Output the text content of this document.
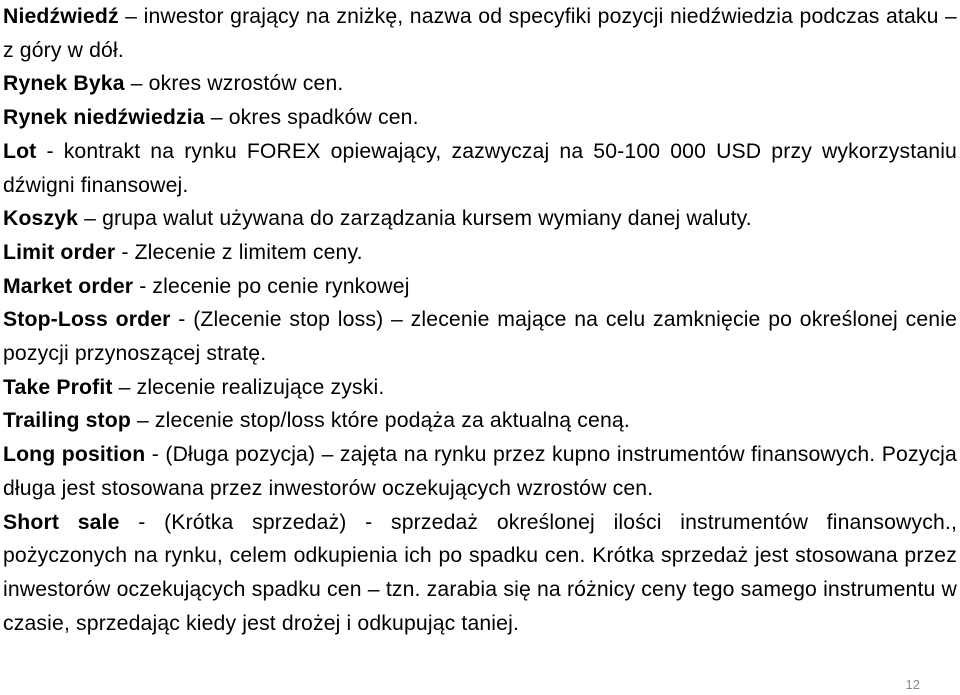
Niedźwiedź – inwestor grający na zniżkę, nazwa od specyfiki pozycji niedźwiedzia podczas ataku – z góry w dół.

Rynek Byka – okres wzrostów cen.

Rynek niedźwiedzia – okres spadków cen.

Lot - kontrakt na rynku FOREX opiewający, zazwyczaj na 50-100 000 USD przy wykorzystaniu dźwigni finansowej.

Koszyk – grupa walut używana do zarządzania kursem wymiany danej waluty.

Limit order - Zlecenie z limitem ceny.

Market order - zlecenie po cenie rynkowej

Stop-Loss order - (Zlecenie stop loss) – zlecenie mające na celu zamknięcie po określonej cenie pozycji przynoszącej stratę.

Take Profit – zlecenie realizujące zyski.

Trailing stop – zlecenie stop/loss które podąża za aktualną ceną.

Long position - (Długa pozycja) – zajęta na rynku przez kupno instrumentów finansowych. Pozycja długa jest stosowana przez inwestorów oczekujących wzrostów cen.

Short sale - (Krótka sprzedaż) - sprzedaż określonej ilości instrumentów finansowych., pożyczonych na rynku, celem odkupienia ich po spadku cen. Krótka sprzedaż jest stosowana przez inwestorów oczekujących spadku cen – tzn. zarabia się na różnicy ceny tego samego instrumentu w czasie, sprzedając kiedy jest drożej i odkupując taniej.

12
